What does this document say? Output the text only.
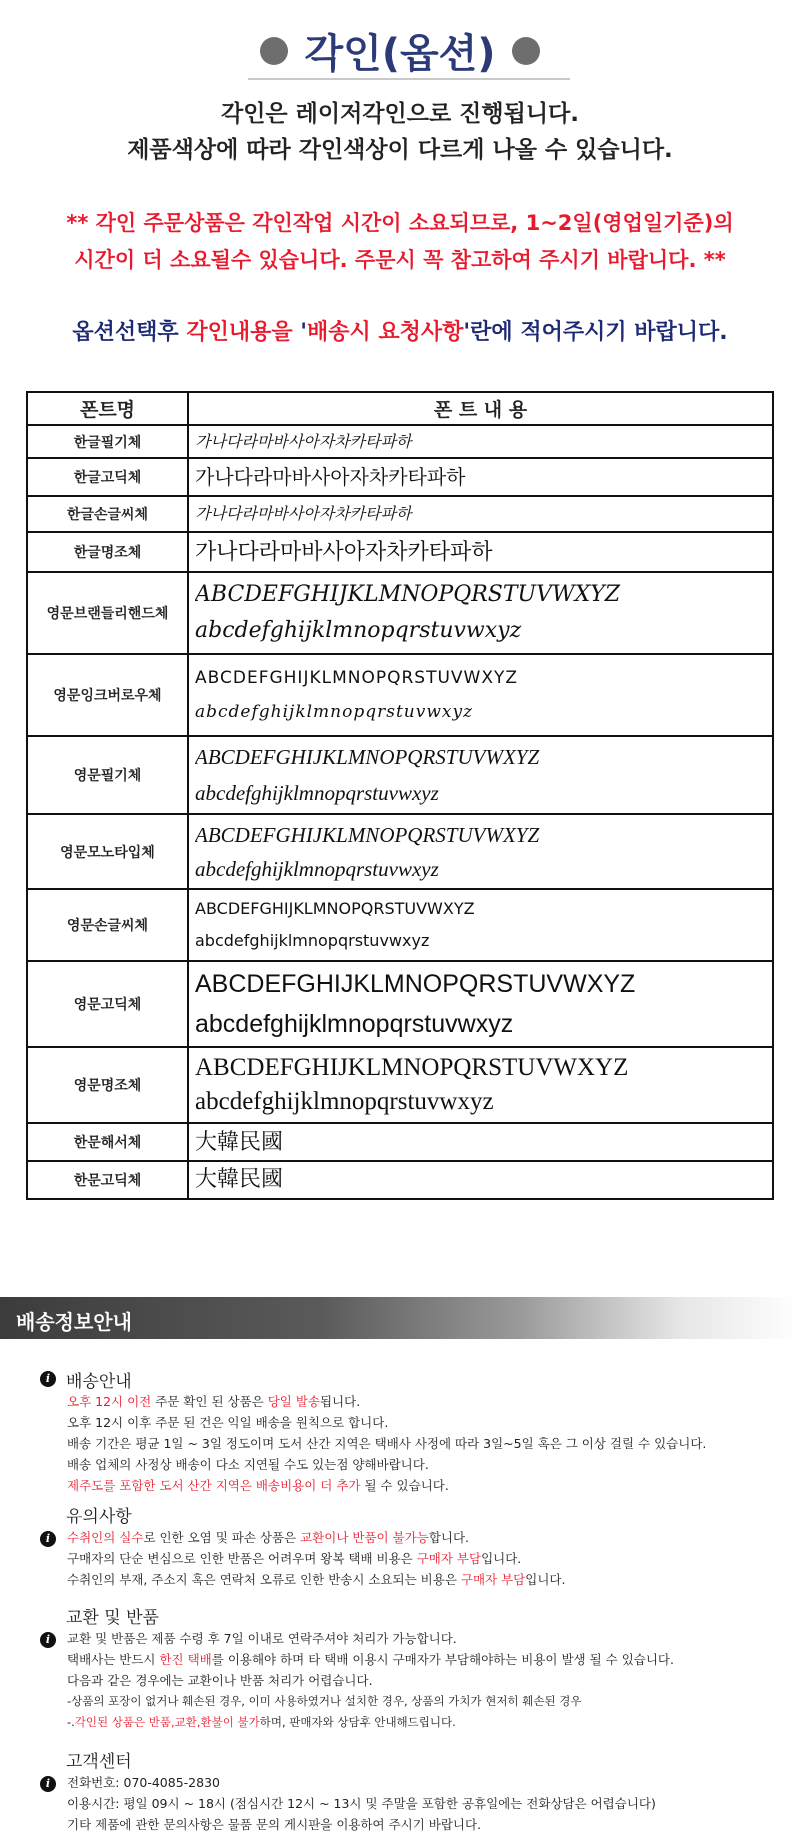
각인(옵션)
각인은 레이저각인으로 진행됩니다.
제품색상에 따라 각인색상이 다르게 나올 수 있습니다.
** 각인 주문상품은 각인작업 시간이 소요되므로, 1~2일(영업일기준)의
시간이 더 소요될수 있습니다. 주문시 꼭 참고하여 주시기 바랍니다. **
옵션선택후 각인내용을 '배송시 요청사항'란에 적어주시기 바랍니다.
폰트명	폰 트 내 용
한글필기체	가나다라마바사아자차카타파하
한글고딕체	가나다라마바사아자차카타파하
한글손글씨체	가나다라마바사아자차카타파하
한글명조체	가나다라마바사아자차카타파하
영문브랜들리핸드체	ABCDEFGHIJKLMNOPQRSTUVWXYZ
abcdefghijklmnopqrstuvwxyz

영문잉크버로우체	ABCDEFGHIJKLMNOPQRSTUVWXYZ
abcdefghijklmnopqrstuvwxyz

영문필기체	ABCDEFGHIJKLMNOPQRSTUVWXYZ
abcdefghijklmnopqrstuvwxyz

영문모노타입체	ABCDEFGHIJKLMNOPQRSTUVWXYZ
abcdefghijklmnopqrstuvwxyz

영문손글씨체	ABCDEFGHIJKLMNOPQRSTUVWXYZ
abcdefghijklmnopqrstuvwxyz

영문고딕체	ABCDEFGHIJKLMNOPQRSTUVWXYZ
abcdefghijklmnopqrstuvwxyz

영문명조체	ABCDEFGHIJKLMNOPQRSTUVWXYZ
abcdefghijklmnopqrstuvwxyz

한문해서체	大韓民國
한문고딕체	大韓民國
배송정보안내
i 배송안내
오후 12시 이전 주문 확인 된 상품은 당일 발송됩니다.
오후 12시 이후 주문 된 건은 익일 배송을 원칙으로 합니다.
배송 기간은 평균 1일 ~ 3일 정도이며 도서 산간 지역은 택배사 사정에 따라 3일~5일 혹은 그 이상 걸릴 수 있습니다.
배송 업체의 사정상 배송이 다소 지연될 수도 있는점 양해바랍니다.
제주도를 포함한 도서 산간 지역은 배송비용이 더 추가 될 수 있습니다.
유의사항
i	수취인의 실수로 인한 오염 및 파손 상품은 교환이나 반품이 불가능합니다.
구매자의 단순 변심으로 인한 반품은 어려우며 왕복 택배 비용은 구매자 부담입니다.
수취인의 부재, 주소지 혹은 연락처 오류로 인한 반송시 소요되는 비용은 구매자 부담입니다.
교환 및 반품
i	교환 및 반품은 제품 수령 후 7일 이내로 연락주셔야 처리가 가능합니다.
택배사는 반드시 한진 택배를 이용해야 하며 타 택배 이용시 구매자가 부담해야하는 비용이 발생 될 수 있습니다.
다음과 같은 경우에는 교환이나 반품 처리가 어렵습니다.
-상품의 포장이 없거나 훼손된 경우, 이미 사용하였거나 설치한 경우, 상품의 가치가 현저히 훼손된 경우
-.각인된 상품은 반품,교환,환불이 불가하며, 판매자와 상담후 안내해드립니다.
고객센터
i	전화번호: 070-4085-2830
이용시간: 평일 09시 ~ 18시 (점심시간 12시 ~ 13시 및 주말을 포함한 공휴일에는 전화상담은 어렵습니다)
기타 제품에 관한 문의사항은 물품 문의 게시판을 이용하여 주시기 바랍니다.
